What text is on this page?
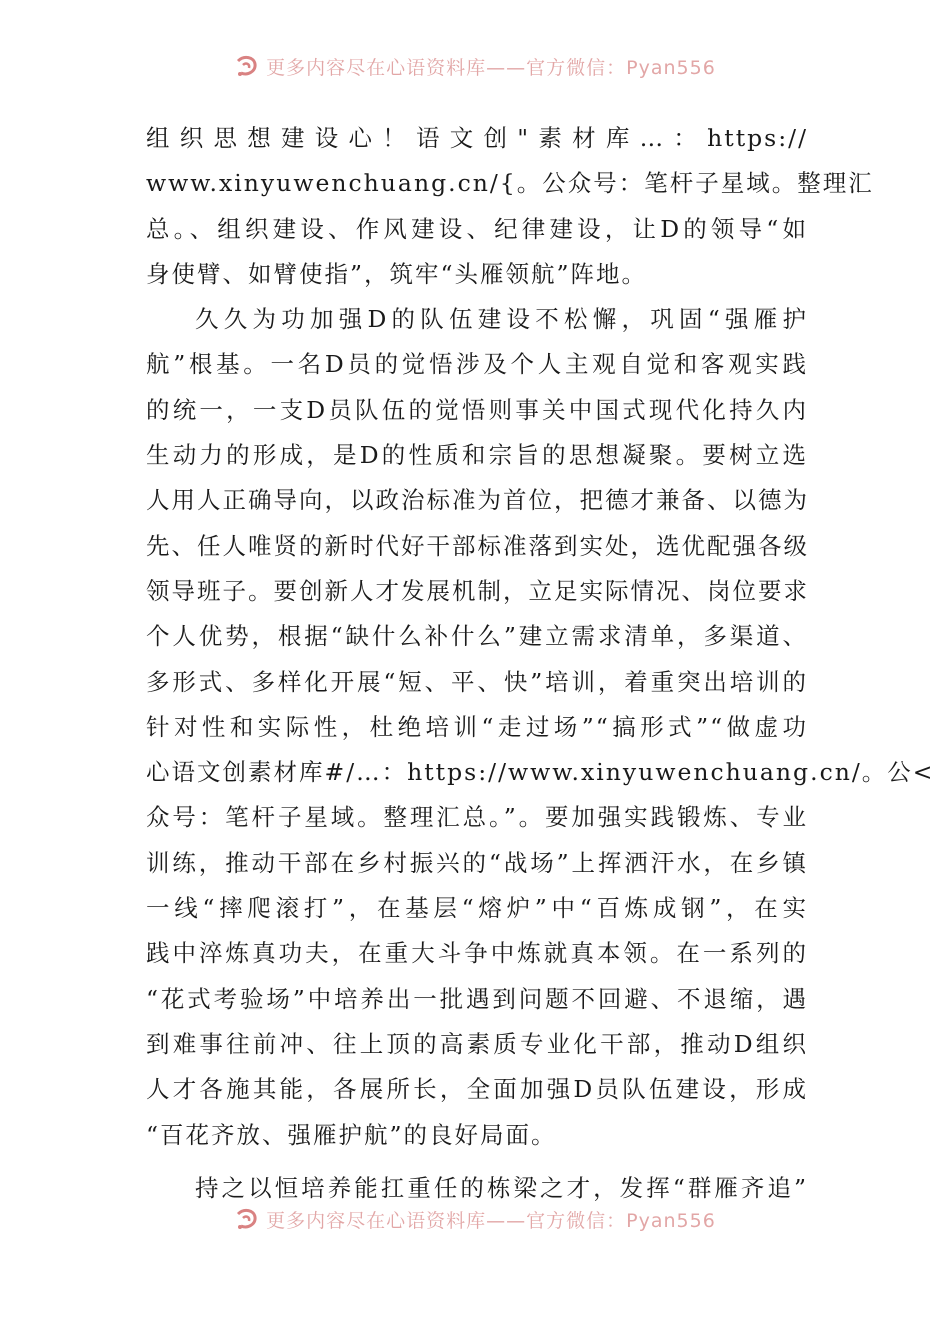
更多内容尽在心语资料库——官方微信：Pyan556

组织思想建设心！语文创"素材库…：https://
www.xinyuwenchuang.cn/{。公众号：笔杆子星域。整理汇
总。、组织建设、作风建设、纪律建设，让D的领导“如
身使臂、如臂使指”，筑牢“头雁领航”阵地。

久久为功加强D的队伍建设不松懈，巩固“强雁护
航”根基。一名D员的觉悟涉及个人主观自觉和客观实践
的统一，一支D员队伍的觉悟则事关中国式现代化持久内
生动力的形成，是D的性质和宗旨的思想凝聚。要树立选
人用人正确导向，以政治标准为首位，把德才兼备、以德为
先、任人唯贤的新时代好干部标准落到实处，选优配强各级
领导班子。要创新人才发展机制，立足实际情况、岗位要求
个人优势，根据“缺什么补什么”建立需求清单，多渠道、
多形式、多样化开展“短、平、快”培训，着重突出培训的
针对性和实际性，杜绝培训“走过场”“搞形式”“做虚功
心语文创素材库#/…：https://www.xinyuwenchuang.cn/。公<
众号：笔杆子星域。整理汇总。”。要加强实践锻炼、专业
训练，推动干部在乡村振兴的“战场”上挥洒汗水，在乡镇
一线“摔爬滚打”，在基层“熔炉”中“百炼成钢”，在实
践中淬炼真功夫，在重大斗争中炼就真本领。在一系列的
“花式考验场”中培养出一批遇到问题不回避、不退缩，遇
到难事往前冲、往上顶的高素质专业化干部，推动D组织
人才各施其能，各展所长，全面加强D员队伍建设，形成
“百花齐放、强雁护航”的良好局面。

持之以恒培养能扛重任的栋梁之才，发挥“群雁齐追”

更多内容尽在心语资料库——官方微信：Pyan556
